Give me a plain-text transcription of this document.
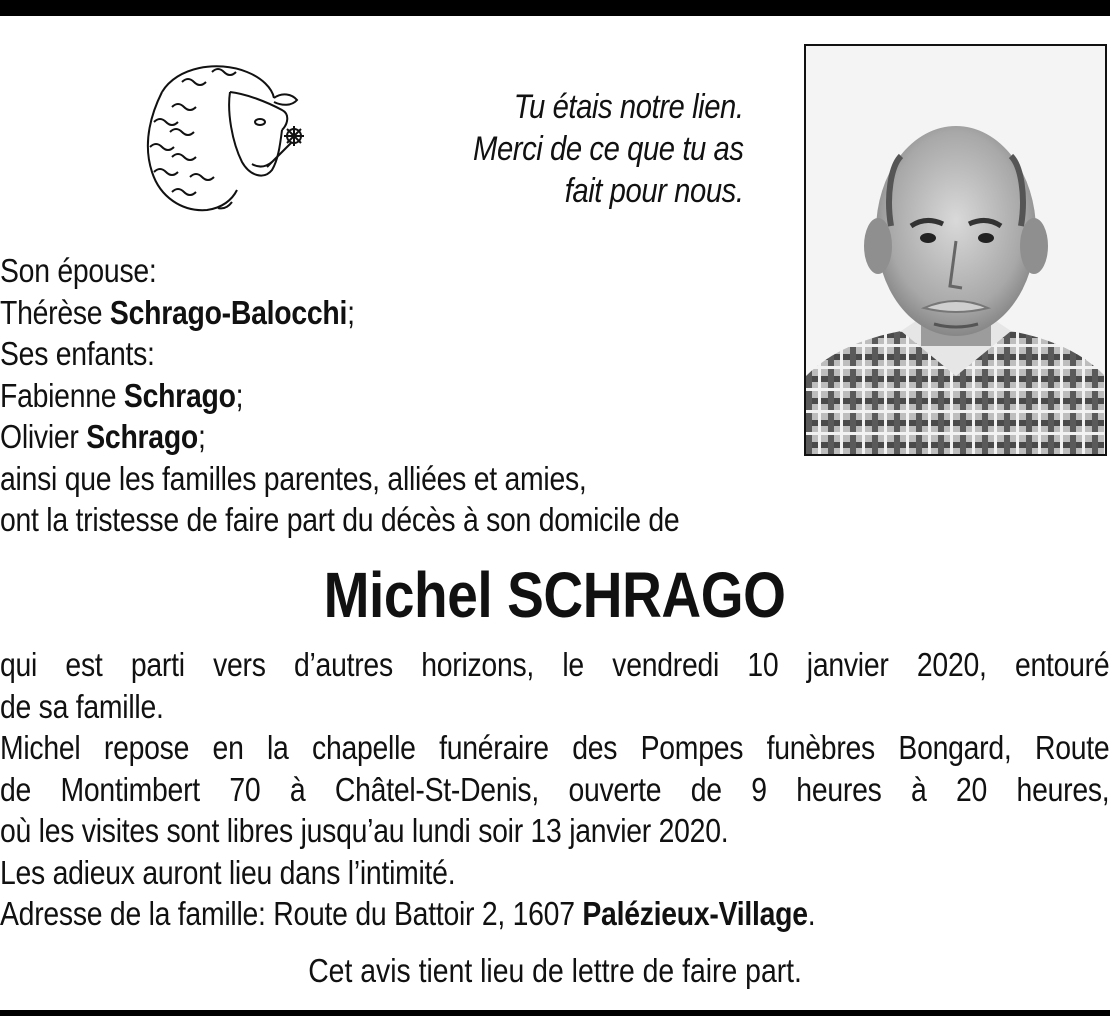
Tu étais notre lien.
Merci de ce que tu as
fait pour nous.
Son épouse:
Thérèse Schrago-Balocchi;
Ses enfants:
Fabienne Schrago;
Olivier Schrago;
ainsi que les familles parentes, alliées et amies,
ont la tristesse de faire part du décès à son domicile de
Michel SCHRAGO
qui est parti vers d’autres horizons, le vendredi 10 janvier 2020, entouré
de sa famille.
Michel repose en la chapelle funéraire des Pompes funèbres Bongard, Route
de Montimbert 70 à Châtel-St-Denis, ouverte de 9 heures à 20 heures,
où les visites sont libres jusqu’au lundi soir 13 janvier 2020.
Les adieux auront lieu dans l’intimité.
Adresse de la famille: Route du Battoir 2, 1607 Palézieux-Village.
Cet avis tient lieu de lettre de faire part.
